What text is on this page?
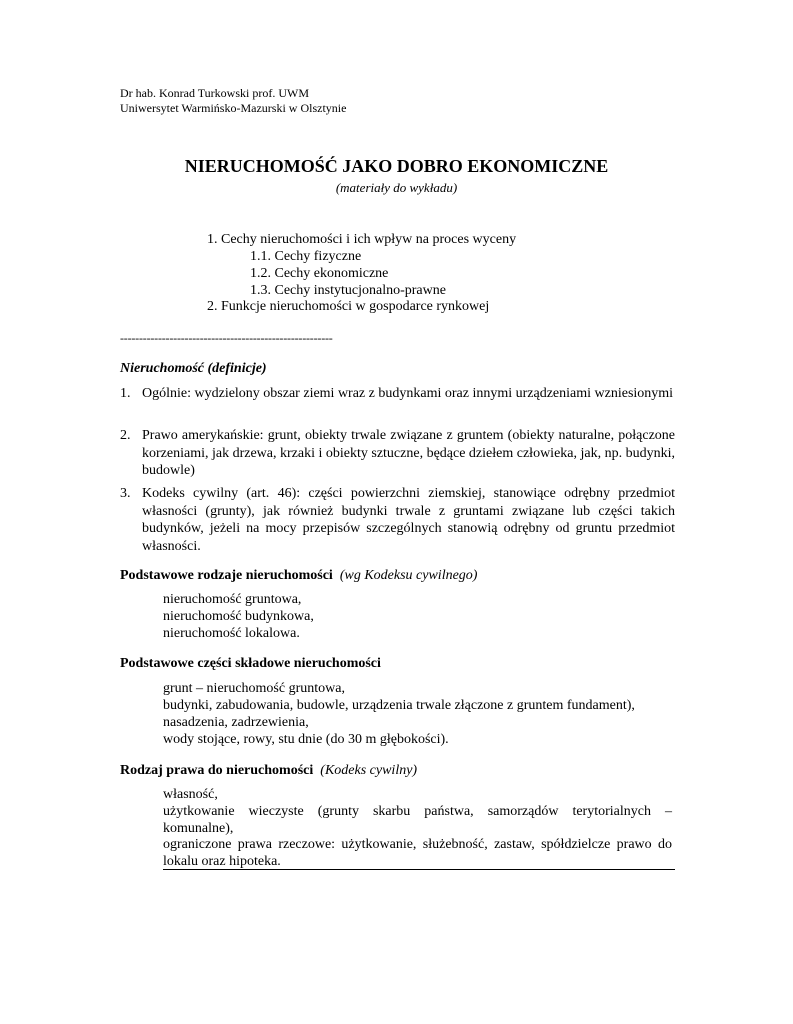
Dr hab. Konrad Turkowski prof. UWM
Uniwersytet Warmińsko-Mazurski w Olsztynie
NIERUCHOMOŚĆ JAKO DOBRO EKONOMICZNE
(materiały do wykładu)
1. Cechy nieruchomości i ich wpływ na proces wyceny
1.1. Cechy fizyczne
1.2. Cechy ekonomiczne
1.3. Cechy instytucjonalno-prawne
2. Funkcje nieruchomości w gospodarce rynkowej
--------------------------------------------------------
Nieruchomość (definicje)
1. Ogólnie: wydzielony obszar ziemi wraz z budynkami oraz innymi urządzeniami wzniesionymi
2. Prawo amerykańskie: grunt, obiekty trwale związane z gruntem (obiekty naturalne, połączone korzeniami, jak drzewa, krzaki i obiekty sztuczne, będące dziełem człowieka, jak, np. budynki, budowle)
3. Kodeks cywilny (art. 46): części powierzchni ziemskiej, stanowiące odrębny przedmiot własności (grunty), jak również budynki trwale z gruntami związane lub części takich budynków, jeżeli na mocy przepisów szczególnych stanowią odrębny od gruntu przedmiot własności.
Podstawowe rodzaje nieruchomości (wg Kodeksu cywilnego)
nieruchomość gruntowa,
nieruchomość budynkowa,
nieruchomość lokalowa.
Podstawowe części składowe nieruchomości
grunt – nieruchomość gruntowa,
budynki, zabudowania, budowle, urządzenia trwale złączone z gruntem fundament),
nasadzenia, zadrzewienia,
wody stojące, rowy, stu dnie (do 30 m głębokości).
Rodzaj prawa do nieruchomości (Kodeks cywilny)
własność,
użytkowanie wieczyste (grunty skarbu państwa, samorządów terytorialnych – komunalne),
ograniczone prawa rzeczowe: użytkowanie, służebność, zastaw, spółdzielcze prawo do lokalu oraz hipoteka.
